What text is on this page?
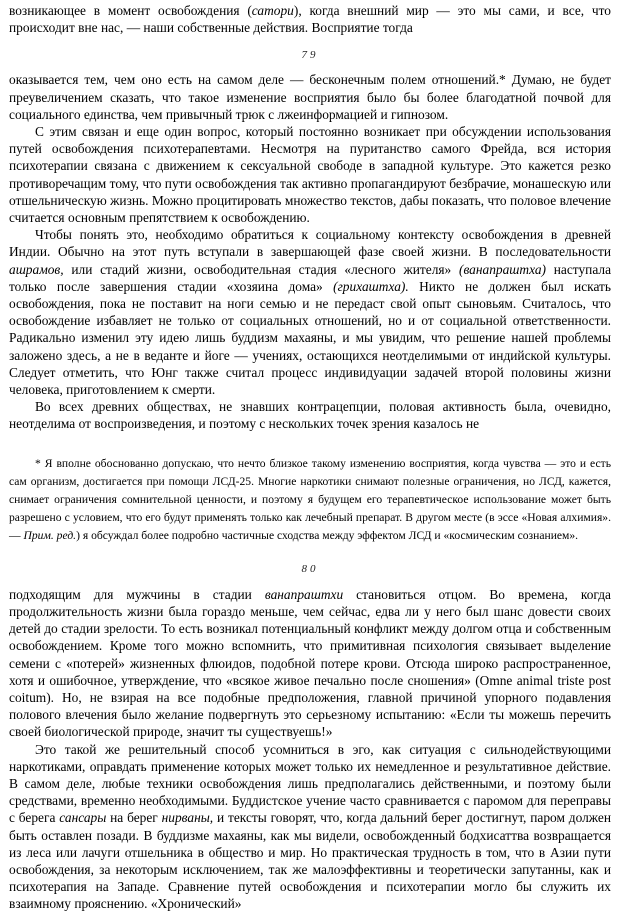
возникающее в момент освобождения (сатори), когда внешний мир — это мы сами, и все, что происходит вне нас, — наши собственные действия. Восприятие тогда

79

оказывается тем, чем оно есть на самом деле — бесконечным полем отношений.* Думаю, не будет преувеличением сказать, что такое изменение восприятия было бы более благодатной почвой для социального единства, чем привычный трюк с лжеинформацией и гипнозом.

С этим связан и еще один вопрос, который постоянно возникает при обсуждении использования путей освобождения психотерапевтами. Несмотря на пуританство самого Фрейда, вся история психотерапии связана с движением к сексуальной свободе в западной культуре. Это кажется резко противоречащим тому, что пути освобождения так активно пропагандируют безбрачие, монашескую или отшельническую жизнь. Можно процитировать множество текстов, дабы показать, что половое влечение считается основным препятствием к освобождению.

Чтобы понять это, необходимо обратиться к социальному контексту освобождения в древней Индии. Обычно на этот путь вступали в завершающей фазе своей жизни. В последовательности ашрамов, или стадий жизни, освободительная стадия «лесного жителя» (ванапраштха) наступала только после завершения стадии «хозяина дома» (грихаштха). Никто не должен был искать освобождения, пока не поставит на ноги семью и не передаст свой опыт сыновьям. Считалось, что освобождение избавляет не только от социальных отношений, но и от социальной ответственности. Радикально изменил эту идею лишь буддизм махаяны, и мы увидим, что решение нашей проблемы заложено здесь, а не в веданте и йоге — учениях, остающихся неотделимыми от индийской культуры. Следует отметить, что Юнг также считал процесс индивидуации задачей второй половины жизни человека, приготовлением к смерти.

Во всех древних обществах, не знавших контрацепции, половая активность была, очевидно, неотделима от воспроизведения, и поэтому с нескольких точек зрения казалось не

* Я вполне обоснованно допускаю, что нечто близкое такому изменению восприятия, когда чувства — это и есть сам организм, достигается при помощи ЛСД-25. Многие наркотики снимают полезные ограничения, но ЛСД, кажется, снимает ограничения сомнительной ценности, и поэтому я будущем его терапевтическое использование может быть разрешено с условием, что его будут применять только как лечебный препарат. В другом месте (в эссе «Новая алхимия». — Прим. ред.) я обсуждал более подробно частичные сходства между эффектом ЛСД и «космическим сознанием».

80

подходящим для мужчины в стадии ванапраштхи становиться отцом. Во времена, когда продолжительность жизни была гораздо меньше, чем сейчас, едва ли у него был шанс довести своих детей до стадии зрелости. То есть возникал потенциальный конфликт между долгом отца и собственным освобождением. Кроме того можно вспомнить, что примитивная психология связывает выделение семени с «потерей» жизненных флюидов, подобной потере крови. Отсюда широко распространенное, хотя и ошибочное, утверждение, что «всякое живое печально после сношения» (Omne animal triste post coitum). Но, не взирая на все подобные предположения, главной причиной упорного подавления полового влечения было желание подвергнуть это серьезному испытанию: «Если ты можешь перечить своей биологической природе, значит ты существуешь!»

Это такой же решительный способ усомниться в эго, как ситуация с сильнодействующими наркотиками, оправдать применение которых может только их немедленное и результативное действие. В самом деле, любые техники освобождения лишь предполагались действенными, и поэтому были средствами, временно необходимыми. Буддистское учение часто сравнивается с паромом для переправы с берега сансары на берег нирваны, и тексты говорят, что, когда дальний берег достигнут, паром должен быть оставлен позади. В буддизме махаяны, как мы видели, освобожденный бодхисаттва возвращается из леса или лачуги отшельника в общество и мир. Но практическая трудность в том, что в Азии пути освобождения, за некоторым исключением, так же малоэффективны и теоретически запутанны, как и психотерапия на Западе. Сравнение путей освобождения и психотерапии могло бы служить их взаимному прояснению. «Хронический»
